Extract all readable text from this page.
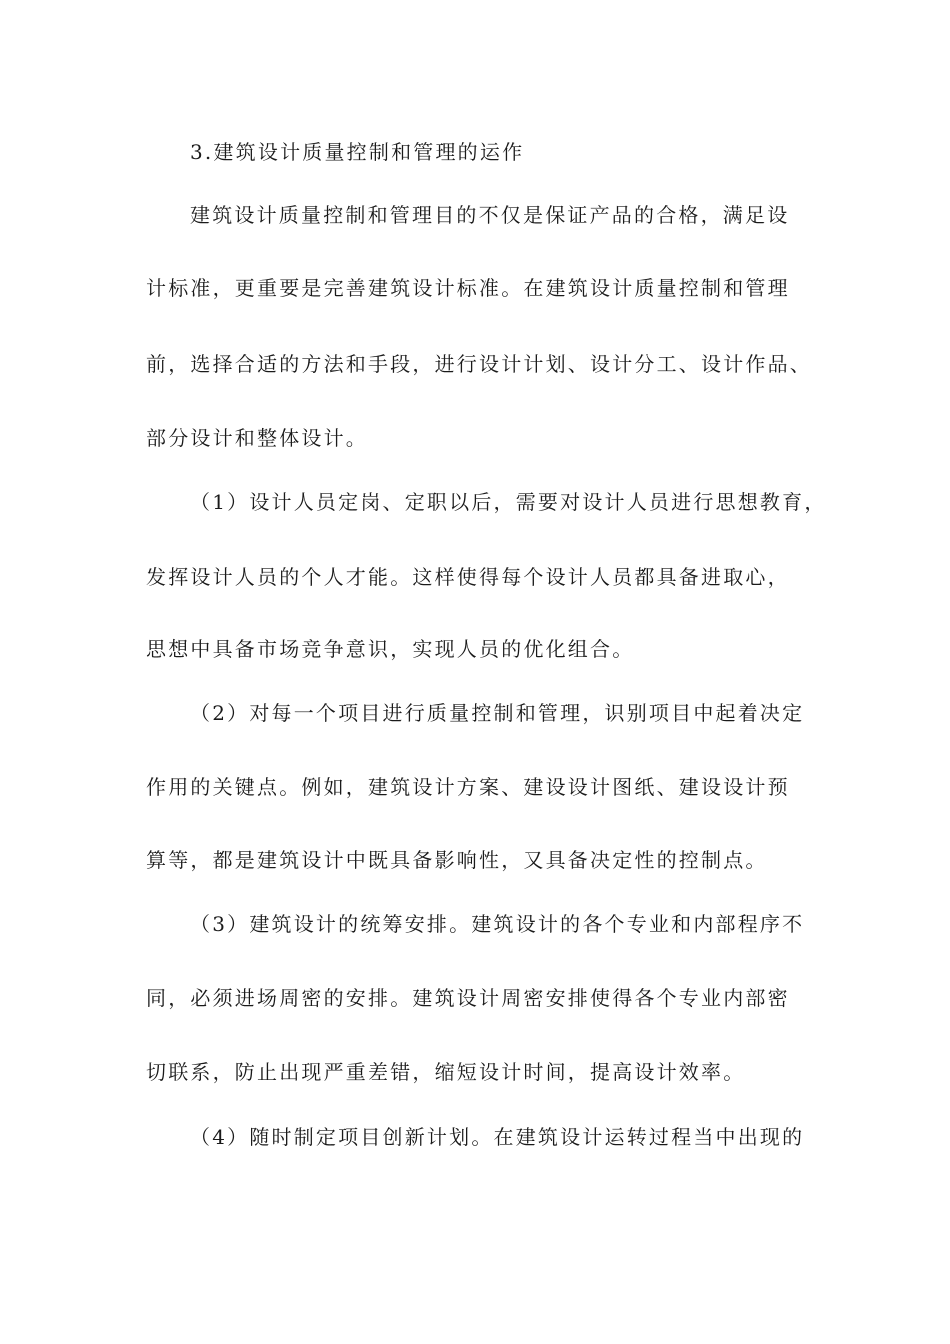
3.建筑设计质量控制和管理的运作
建筑设计质量控制和管理目的不仅是保证产品的合格，满足设
计标准，更重要是完善建筑设计标准。在建筑设计质量控制和管理
前，选择合适的方法和手段，进行设计计划、设计分工、设计作品、
部分设计和整体设计。
（1）设计人员定岗、定职以后，需要对设计人员进行思想教育，
发挥设计人员的个人才能。这样使得每个设计人员都具备进取心，
思想中具备市场竞争意识，实现人员的优化组合。
（2）对每一个项目进行质量控制和管理，识别项目中起着决定
作用的关键点。例如，建筑设计方案、建设设计图纸、建设设计预
算等，都是建筑设计中既具备影响性，又具备决定性的控制点。
（3）建筑设计的统筹安排。建筑设计的各个专业和内部程序不
同，必须进场周密的安排。建筑设计周密安排使得各个专业内部密
切联系，防止出现严重差错，缩短设计时间，提高设计效率。
（4）随时制定项目创新计划。在建筑设计运转过程当中出现的
